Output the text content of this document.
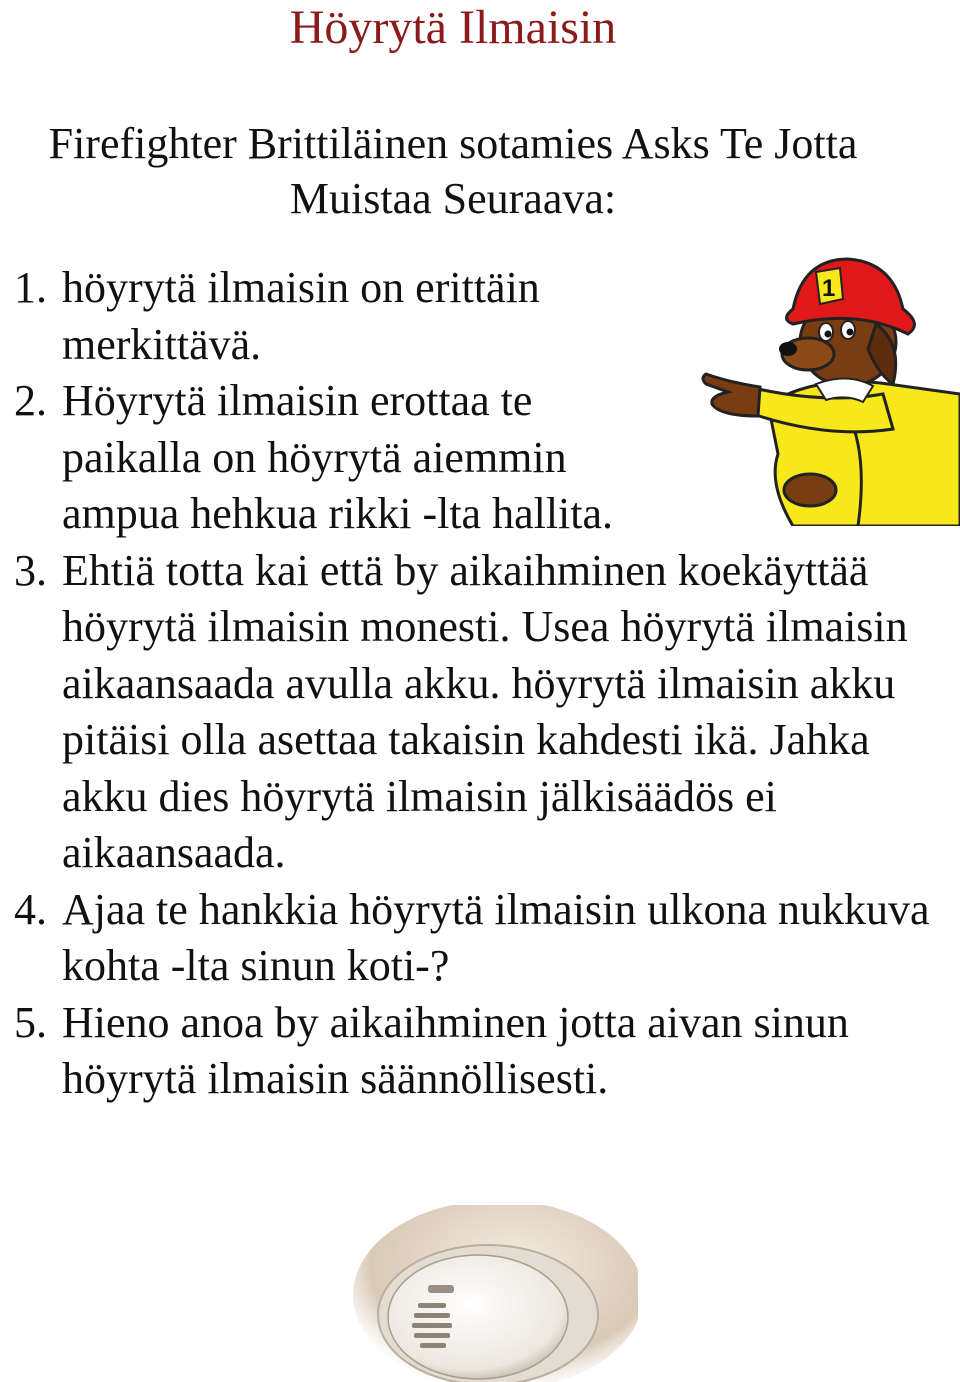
Höyrytä Ilmaisin

Firefighter Brittiläinen sotamies Asks Te Jotta Muistaa Seuraava:

1. höyrytä ilmaisin on erittäin merkittävä.
2. Höyrytä ilmaisin erottaa te paikalla on höyrytä aiemmin ampua hehkua rikki -lta hallita.
3. Ehtiä totta kai että by aikaihminen koekäyttää höyrytä ilmaisin monesti. Usea höyrytä ilmaisin aikaansaada avulla akku. höyrytä ilmaisin akku pitäisi olla asettaa takaisin kahdesti ikä. Jahka akku dies höyrytä ilmaisin jälkisäädös ei aikaansaada.
4. Ajaa te hankkia höyrytä ilmaisin ulkona nukkuva kohta -lta sinun koti-?
5. Hieno anoa by aikaihminen jotta aivan sinun höyrytä ilmaisin säännöllisesti.
1
